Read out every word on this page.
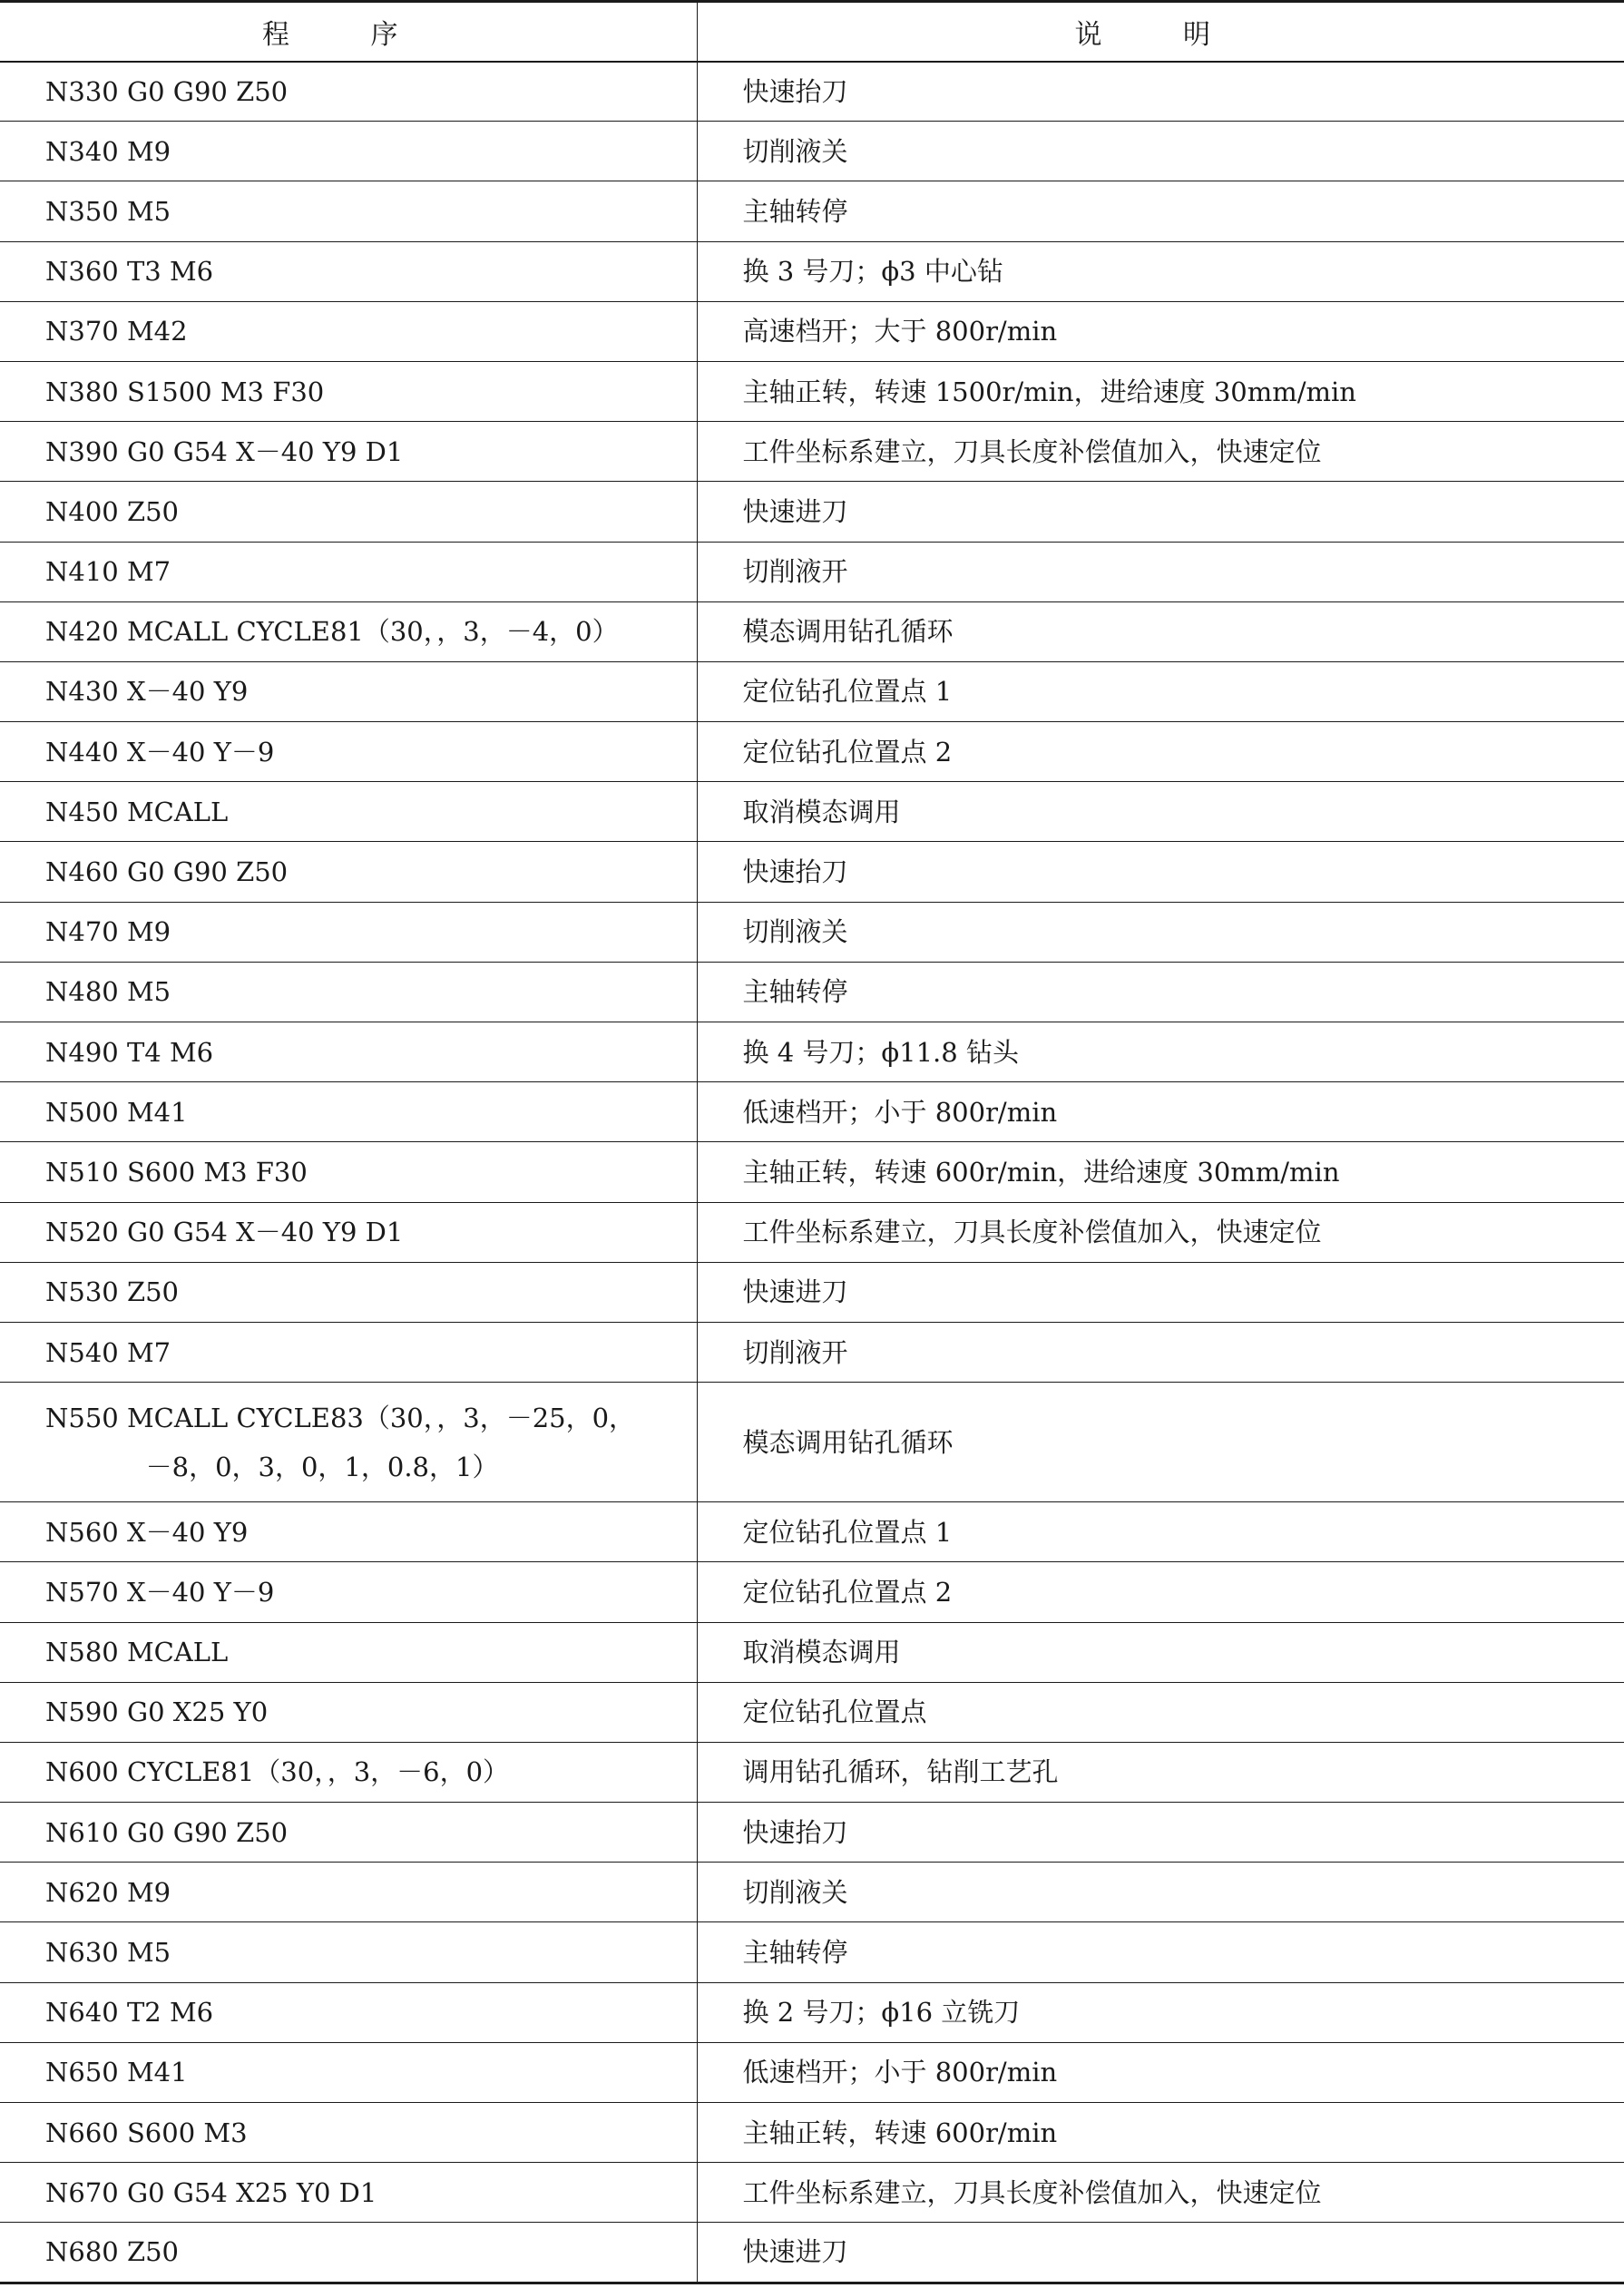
程 序	说 明
N330 G0 G90 Z50	快速抬刀
N340 M9	切削液关
N350 M5	主轴转停
N360 T3 M6	换 3 号刀；ϕ3 中心钻
N370 M42	高速档开；大于 800r/min
N380 S1500 M3 F30	主轴正转，转速 1500r/min，进给速度 30mm/min
N390 G0 G54 X－40 Y9 D1	工件坐标系建立，刀具长度补偿值加入，快速定位
N400 Z50	快速进刀
N410 M7	切削液开
N420 MCALL CYCLE81（30，，3，－4，0）	模态调用钻孔循环
N430 X－40 Y9	定位钻孔位置点 1
N440 X－40 Y－9	定位钻孔位置点 2
N450 MCALL	取消模态调用
N460 G0 G90 Z50	快速抬刀
N470 M9	切削液关
N480 M5	主轴转停
N490 T4 M6	换 4 号刀；ϕ11.8 钻头
N500 M41	低速档开；小于 800r/min
N510 S600 M3 F30	主轴正转，转速 600r/min，进给速度 30mm/min
N520 G0 G54 X－40 Y9 D1	工件坐标系建立，刀具长度补偿值加入，快速定位
N530 Z50	快速进刀
N540 M7	切削液开
N550 MCALL CYCLE83（30，，3，－25，0，
－8，0，3，0，1，0.8，1）	模态调用钻孔循环
N560 X－40 Y9	定位钻孔位置点 1
N570 X－40 Y－9	定位钻孔位置点 2
N580 MCALL	取消模态调用
N590 G0 X25 Y0	定位钻孔位置点
N600 CYCLE81（30，，3，－6，0）	调用钻孔循环，钻削工艺孔
N610 G0 G90 Z50	快速抬刀
N620 M9	切削液关
N630 M5	主轴转停
N640 T2 M6	换 2 号刀；ϕ16 立铣刀
N650 M41	低速档开；小于 800r/min
N660 S600 M3	主轴正转，转速 600r/min
N670 G0 G54 X25 Y0 D1	工件坐标系建立，刀具长度补偿值加入，快速定位
N680 Z50	快速进刀
